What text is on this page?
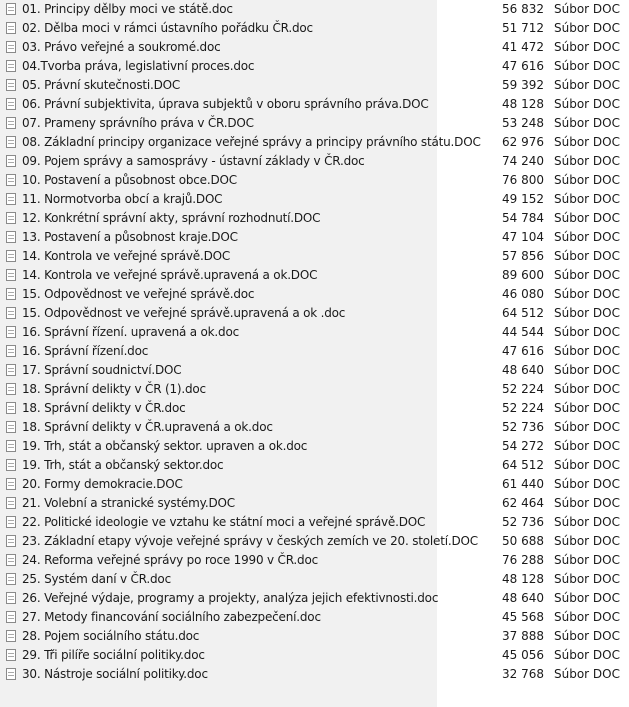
01. Principy dělby moci ve státě.doc	56 832 Súbor DOC
02. Dělba moci v rámci ústavního pořádku ČR.doc	51 712 Súbor DOC
03. Právo veřejné a soukromé.doc	41 472 Súbor DOC
04.Tvorba práva, legislativní proces.doc	47 616 Súbor DOC
05. Právní skutečnosti.DOC	59 392 Súbor DOC
06. Právní subjektivita, úprava subjektů v oboru správního práva.DOC	48 128 Súbor DOC
07. Prameny správního práva v ČR.DOC	53 248 Súbor DOC
08. Základní principy organizace veřejné správy a principy právního státu.DOC 62 976 Súbor DOC
09. Pojem správy a samosprávy - ústavní základy v ČR.doc	74 240 Súbor DOC
10. Postavení a působnost obce.DOC	76 800 Súbor DOC
11. Normotvorba obcí a krajů.DOC	49 152 Súbor DOC
12. Konkrétní správní akty, správní rozhodnutí.DOC	54 784 Súbor DOC
13. Postavení a působnost kraje.DOC	47 104 Súbor DOC
14. Kontrola ve veřejné správě.DOC	57 856 Súbor DOC
14. Kontrola ve veřejné správě.upravená a ok.DOC	89 600 Súbor DOC
15. Odpovědnost ve veřejné správě.doc	46 080 Súbor DOC
15. Odpovědnost ve veřejné správě.upravená a ok .doc	64 512 Súbor DOC
16. Správní řízení. upravená a ok.doc	44 544 Súbor DOC
16. Správní řízení.doc	47 616 Súbor DOC
17. Správní soudnictví.DOC	48 640 Súbor DOC
18. Správní delikty v ČR (1).doc	52 224 Súbor DOC
18. Správní delikty v ČR.doc	52 224 Súbor DOC
18. Správní delikty v ČR.upravená a ok.doc	52 736 Súbor DOC
19. Trh, stát a občanský sektor. upraven a ok.doc	54 272 Súbor DOC
19. Trh, stát a občanský sektor.doc	64 512 Súbor DOC
20. Formy demokracie.DOC	61 440 Súbor DOC
21. Volební a stranické systémy.DOC	62 464 Súbor DOC
22. Politické ideologie ve vztahu ke státní moci a veřejné správě.DOC	52 736 Súbor DOC
23. Základní etapy vývoje veřejné správy v českých zemích ve 20. století.DOC 50 688 Súbor DOC
24. Reforma veřejné správy po roce 1990 v ČR.doc	76 288 Súbor DOC
25. Systém daní v ČR.doc	48 128 Súbor DOC
26. Veřejné výdaje, programy a projekty, analýza jejich efektivnosti.doc	48 640 Súbor DOC
27. Metody financování sociálního zabezpečení.doc	45 568 Súbor DOC
28. Pojem sociálního státu.doc	37 888 Súbor DOC
29. Tři pilíře sociální politiky.doc	45 056 Súbor DOC
30. Nástroje sociální politiky.doc	32 768 Súbor DOC
